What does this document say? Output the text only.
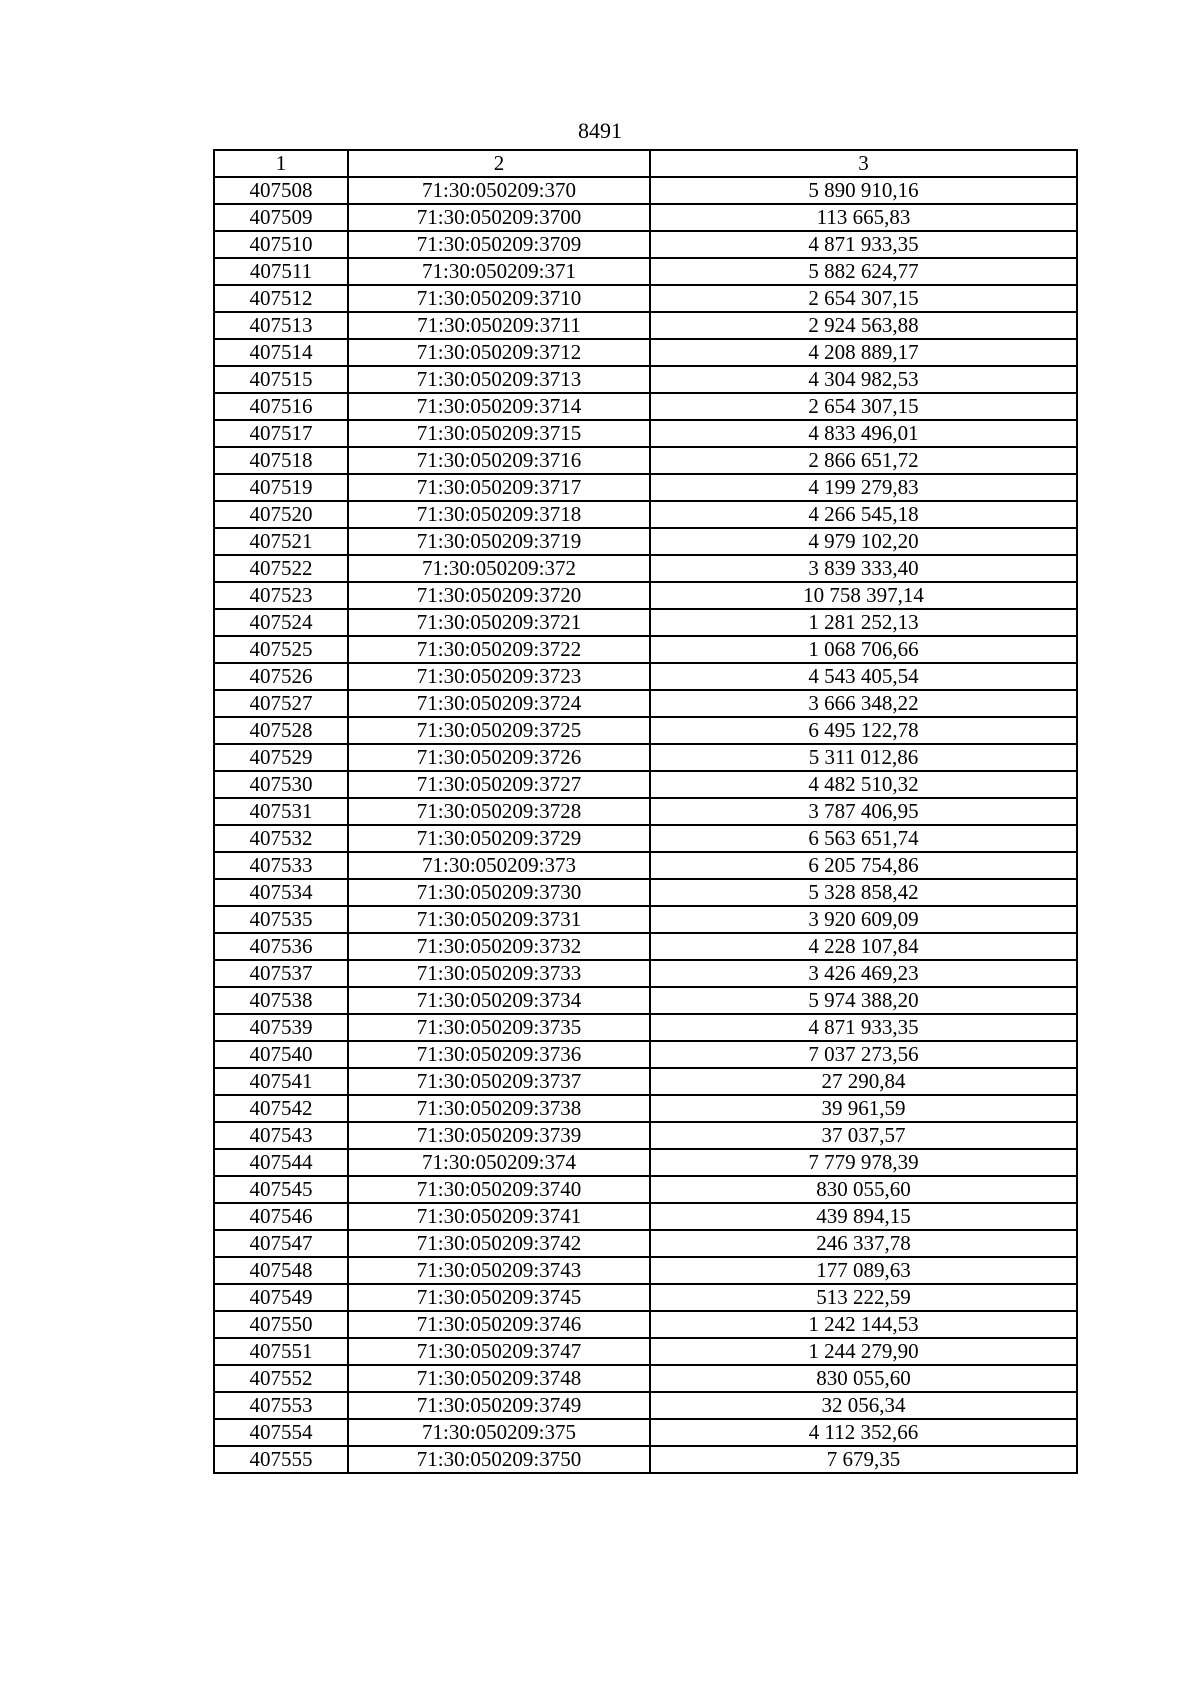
8491
1	2	3
407508	71:30:050209:370	5 890 910,16
407509	71:30:050209:3700	113 665,83
407510	71:30:050209:3709	4 871 933,35
407511	71:30:050209:371	5 882 624,77
407512	71:30:050209:3710	2 654 307,15
407513	71:30:050209:3711	2 924 563,88
407514	71:30:050209:3712	4 208 889,17
407515	71:30:050209:3713	4 304 982,53
407516	71:30:050209:3714	2 654 307,15
407517	71:30:050209:3715	4 833 496,01
407518	71:30:050209:3716	2 866 651,72
407519	71:30:050209:3717	4 199 279,83
407520	71:30:050209:3718	4 266 545,18
407521	71:30:050209:3719	4 979 102,20
407522	71:30:050209:372	3 839 333,40
407523	71:30:050209:3720	10 758 397,14
407524	71:30:050209:3721	1 281 252,13
407525	71:30:050209:3722	1 068 706,66
407526	71:30:050209:3723	4 543 405,54
407527	71:30:050209:3724	3 666 348,22
407528	71:30:050209:3725	6 495 122,78
407529	71:30:050209:3726	5 311 012,86
407530	71:30:050209:3727	4 482 510,32
407531	71:30:050209:3728	3 787 406,95
407532	71:30:050209:3729	6 563 651,74
407533	71:30:050209:373	6 205 754,86
407534	71:30:050209:3730	5 328 858,42
407535	71:30:050209:3731	3 920 609,09
407536	71:30:050209:3732	4 228 107,84
407537	71:30:050209:3733	3 426 469,23
407538	71:30:050209:3734	5 974 388,20
407539	71:30:050209:3735	4 871 933,35
407540	71:30:050209:3736	7 037 273,56
407541	71:30:050209:3737	27 290,84
407542	71:30:050209:3738	39 961,59
407543	71:30:050209:3739	37 037,57
407544	71:30:050209:374	7 779 978,39
407545	71:30:050209:3740	830 055,60
407546	71:30:050209:3741	439 894,15
407547	71:30:050209:3742	246 337,78
407548	71:30:050209:3743	177 089,63
407549	71:30:050209:3745	513 222,59
407550	71:30:050209:3746	1 242 144,53
407551	71:30:050209:3747	1 244 279,90
407552	71:30:050209:3748	830 055,60
407553	71:30:050209:3749	32 056,34
407554	71:30:050209:375	4 112 352,66
407555	71:30:050209:3750	7 679,35
